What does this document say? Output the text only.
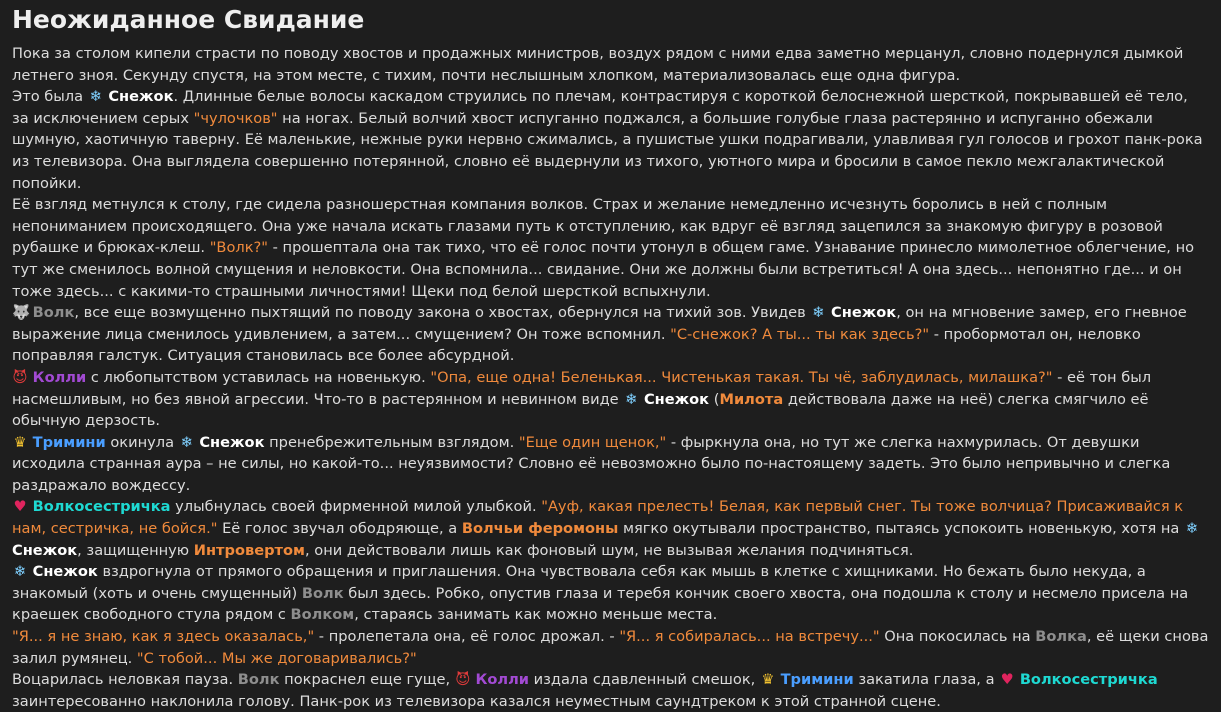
Неожиданное Свидание

Пока за столом кипели страсти по поводу хвостов и продажных министров, воздух рядом с ними едва заметно мерцанул, словно подернулся дымкой летнего зноя. Секунду спустя, на этом месте, с тихим, почти неслышным хлопком, материализовалась еще одна фигура.

Это была ❄ Снежок. Длинные белые волосы каскадом струились по плечам, контрастируя с короткой белоснежной шерсткой, покрывавшей её тело, за исключением серых "чулочков" на ногах. Белый волчий хвост испуганно поджался, а большие голубые глаза растерянно и испуганно обежали шумную, хаотичную таверну. Её маленькие, нежные руки нервно сжимались, а пушистые ушки подрагивали, улавливая гул голосов и грохот панк-рока из телевизора. Она выглядела совершенно потерянной, словно её выдернули из тихого, уютного мира и бросили в самое пекло межгалактической попойки.

Её взгляд метнулся к столу, где сидела разношерстная компания волков. Страх и желание немедленно исчезнуть боролись в ней с полным непониманием происходящего. Она уже начала искать глазами путь к отступлению, как вдруг её взгляд зацепился за знакомую фигуру в розовой рубашке и брюках-клеш. "Волк?" - прошептала она так тихо, что её голос почти утонул в общем гаме. Узнавание принесло мимолетное облегчение, но тут же сменилось волной смущения и неловкости. Она вспомнила... свидание. Они же должны были встретиться! А она здесь... непонятно где... и он тоже здесь... с какими-то страшными личностями! Щеки под белой шерсткой вспыхнули.

🐺 Волк, все еще возмущенно пыхтящий по поводу закона о хвостах, обернулся на тихий зов. Увидев ❄ Снежок, он на мгновение замер, его гневное выражение лица сменилось удивлением, а затем... смущением? Он тоже вспомнил. "С-снежок? А ты... ты как здесь?" - пробормотал он, неловко поправляя галстук. Ситуация становилась все более абсурдной.

😈 Колли с любопытством уставилась на новенькую. "Опа, еще одна! Беленькая... Чистенькая такая. Ты чё, заблудилась, милашка?" - её тон был насмешливым, но без явной агрессии. Что-то в растерянном и невинном виде ❄ Снежок (Милота действовала даже на неё) слегка смягчило её обычную дерзость.

♛ Тримини окинула ❄ Снежок пренебрежительным взглядом. "Еще один щенок," - фыркнула она, но тут же слегка нахмурилась. От девушки исходила странная аура – не силы, но какой-то... неуязвимости? Словно её невозможно было по-настоящему задеть. Это было непривычно и слегка раздражало вождессу.

♥ Волкосестричка улыбнулась своей фирменной милой улыбкой. "Ауф, какая прелесть! Белая, как первый снег. Ты тоже волчица? Присаживайся к нам, сестричка, не бойся." Её голос звучал ободряюще, а Волчьи феромоны мягко окутывали пространство, пытаясь успокоить новенькую, хотя на ❄ Снежок, защищенную Интровертом, они действовали лишь как фоновый шум, не вызывая желания подчиняться.

❄ Снежок вздрогнула от прямого обращения и приглашения. Она чувствовала себя как мышь в клетке с хищниками. Но бежать было некуда, а знакомый (хоть и очень смущенный) Волк был здесь. Робко, опустив глаза и теребя кончик своего хвоста, она подошла к столу и несмело присела на краешек свободного стула рядом с Волком, стараясь занимать как можно меньше места.

"Я... я не знаю, как я здесь оказалась," - пролепетала она, её голос дрожал. - "Я... я собиралась... на встречу..." Она покосилась на Волка, её щеки снова залил румянец. "С тобой... Мы же договаривались?"

Воцарилась неловкая пауза. Волк покраснел еще гуще, 😈 Колли издала сдавленный смешок, ♛ Тримини закатила глаза, а ♥ Волкосестричка заинтересованно наклонила голову. Панк-рок из телевизора казался неуместным саундтреком к этой странной сцене.
